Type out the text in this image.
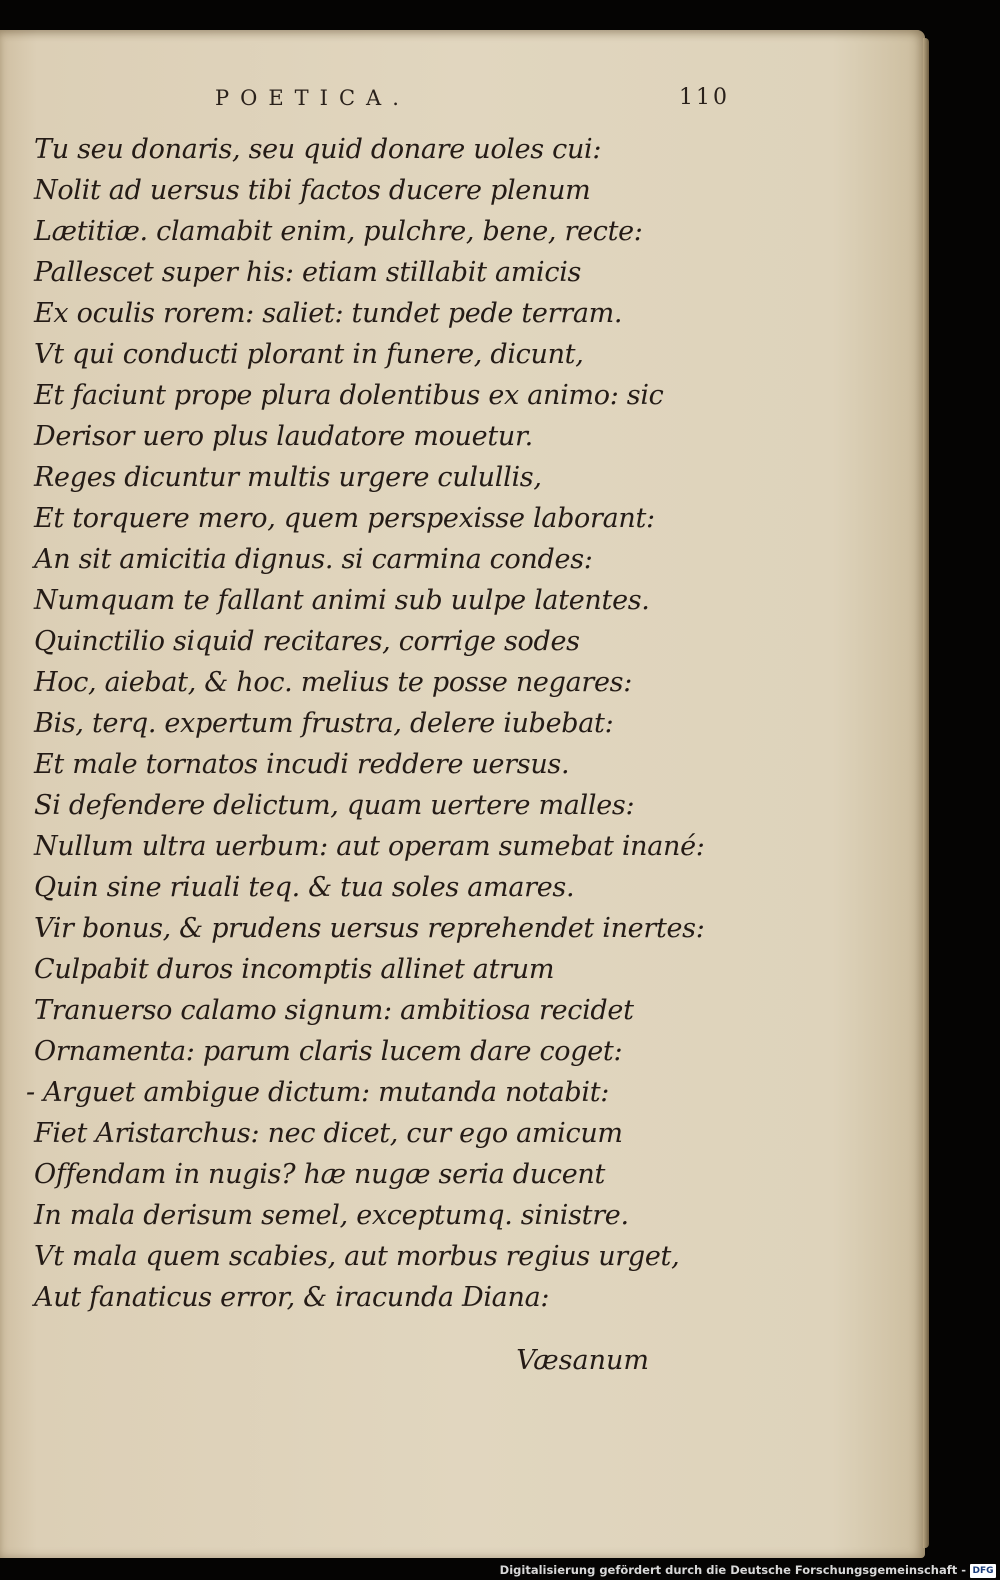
POETICA.	110
Tu seu donaris, seu quid donare uoles cui:
Nolit ad uersus tibi factos ducere plenum
Lætitiæ. clamabit enim, pulchre, bene, recte:
Pallescet super his: etiam stillabit amicis
Ex oculis rorem: saliet: tundet pede terram.
Vt qui conducti plorant in funere, dicunt,
Et faciunt prope plura dolentibus ex animo: sic
Derisor uero plus laudatore mouetur.
Reges dicuntur multis urgere culullis,
Et torquere mero, quem perspexisse laborant:
An sit amicitia dignus. si carmina condes:
Numquam te fallant animi sub uulpe latentes.
Quinctilio siquid recitares, corrige sodes
Hoc, aiebat, & hoc. melius te posse negares:
Bis, terq. expertum frustra, delere iubebat:
Et male tornatos incudi reddere uersus.
Si defendere delictum, quam uertere malles:
Nullum ultra uerbum: aut operam sumebat inané:
Quin sine riuali teq. & tua soles amares.
Vir bonus, & prudens uersus reprehendet inertes:
Culpabit duros incomptis allinet atrum
Tranuerso calamo signum: ambitiosa recidet
Ornamenta: parum claris lucem dare coget:
- Arguet ambigue dictum: mutanda notabit:
Fiet Aristarchus: nec dicet, cur ego amicum
Offendam in nugis? hæ nugæ seria ducent
In mala derisum semel, exceptumq. sinistre.
Vt mala quem scabies, aut morbus regius urget,
Aut fanaticus error, & iracunda Diana:
Væsanum
Digitalisierung gefördert durch die Deutsche Forschungsgemeinschaft - DFG
